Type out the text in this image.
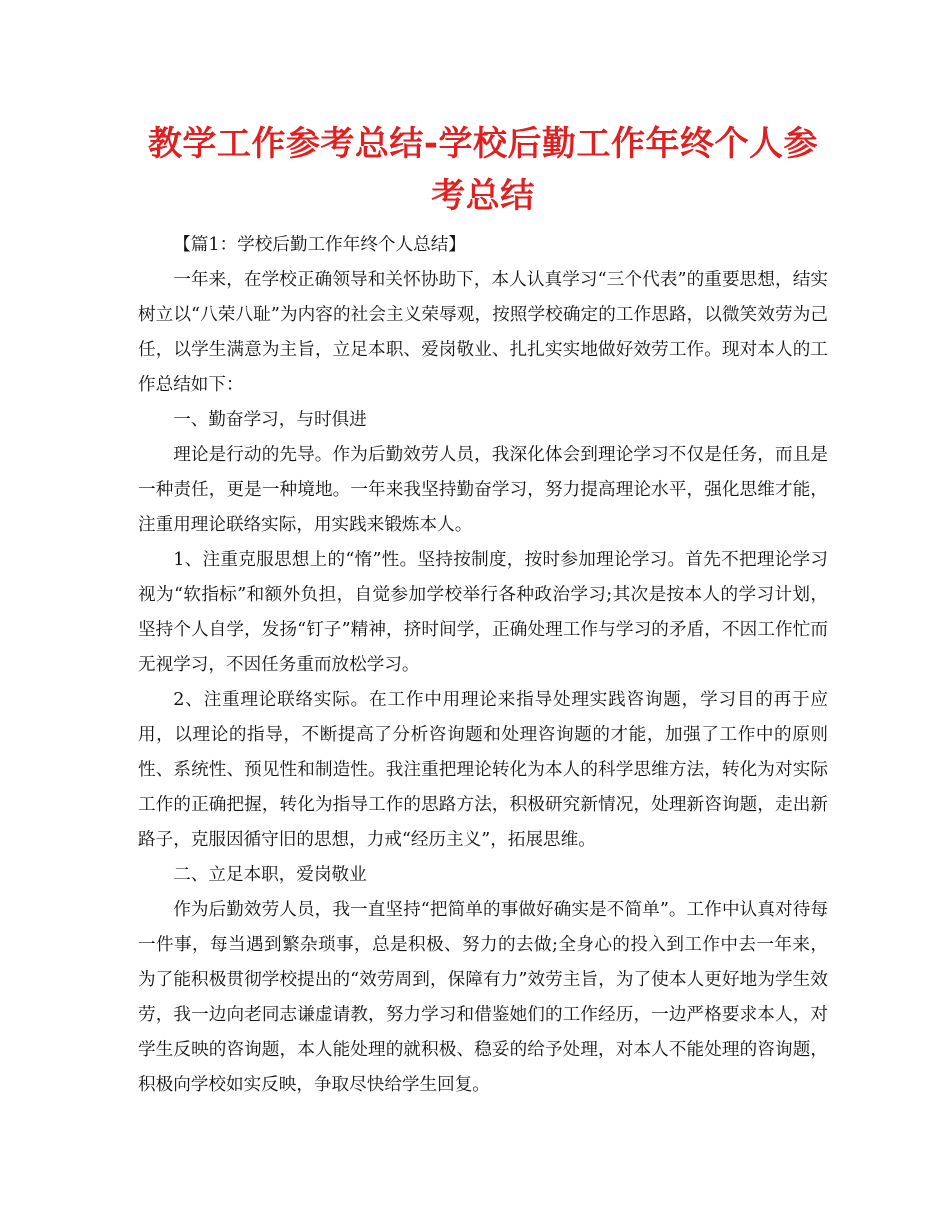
教学工作参考总结-学校后勤工作年终个人参考总结

【篇1：学校后勤工作年终个人总结】

一年来，在学校正确领导和关怀协助下，本人认真学习“三个代表”的重要思想，结实树立以“八荣八耻”为内容的社会主义荣辱观，按照学校确定的工作思路，以微笑效劳为己任，以学生满意为主旨，立足本职、爱岗敬业、扎扎实实地做好效劳工作。现对本人的工作总结如下：

一、勤奋学习，与时俱进

理论是行动的先导。作为后勤效劳人员，我深化体会到理论学习不仅是任务，而且是一种责任，更是一种境地。一年来我坚持勤奋学习，努力提高理论水平，强化思维才能，注重用理论联络实际，用实践来锻炼本人。

1、注重克服思想上的“惰”性。坚持按制度，按时参加理论学习。首先不把理论学习视为“软指标”和额外负担，自觉参加学校举行各种政治学习;其次是按本人的学习计划，坚持个人自学，发扬“钉子”精神，挤时间学，正确处理工作与学习的矛盾，不因工作忙而无视学习，不因任务重而放松学习。

2、注重理论联络实际。在工作中用理论来指导处理实践咨询题，学习目的再于应用，以理论的指导，不断提高了分析咨询题和处理咨询题的才能，加强了工作中的原则性、系统性、预见性和制造性。我注重把理论转化为本人的科学思维方法，转化为对实际工作的正确把握，转化为指导工作的思路方法，积极研究新情况，处理新咨询题，走出新路子，克服因循守旧的思想，力戒“经历主义”，拓展思维。

二、立足本职，爱岗敬业

作为后勤效劳人员，我一直坚持“把简单的事做好确实是不简单”。工作中认真对待每一件事，每当遇到繁杂琐事，总是积极、努力的去做;全身心的投入到工作中去一年来，为了能积极贯彻学校提出的“效劳周到，保障有力”效劳主旨，为了使本人更好地为学生效劳，我一边向老同志谦虚请教，努力学习和借鉴她们的工作经历，一边严格要求本人，对学生反映的咨询题，本人能处理的就积极、稳妥的给予处理，对本人不能处理的咨询题，积极向学校如实反映，争取尽快给学生回复。
